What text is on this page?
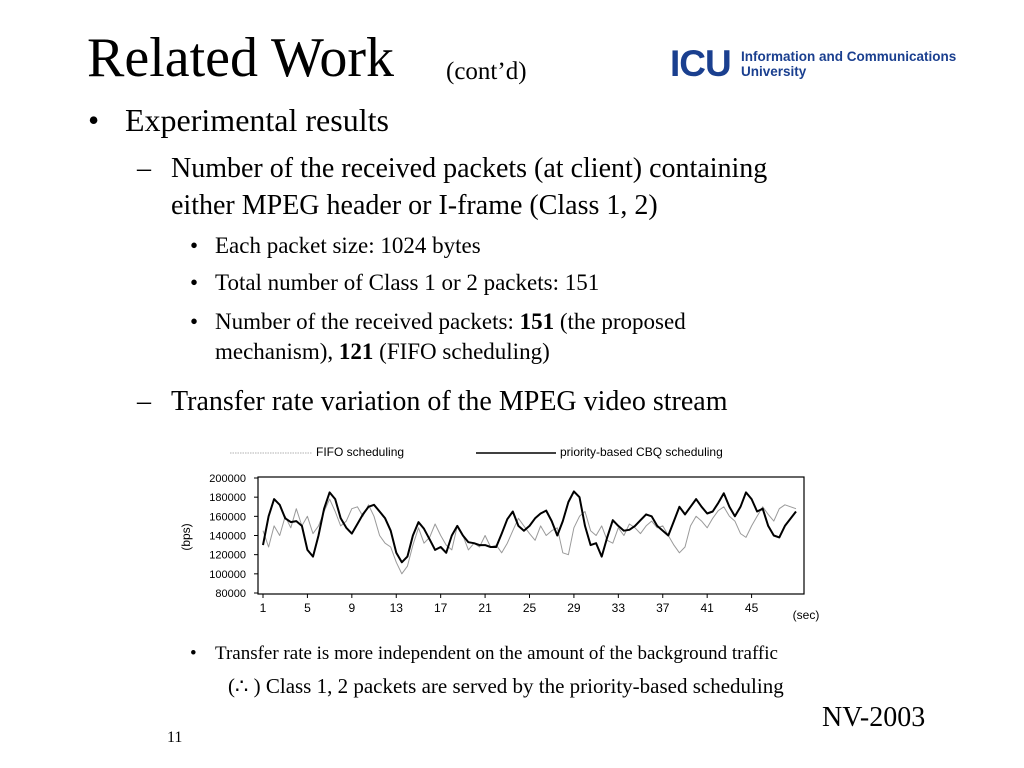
Related Work (cont’d)	ICU Information and Communications
University
• Experimental results
– Number of the received packets (at client) containing
either MPEG header or I-frame (Class 1, 2)
• Each packet size: 1024 bytes
• Total number of Class 1 or 2 packets: 151
• Number of the received packets: 151 (the proposed
mechanism), 121 (FIFO scheduling)
– Transfer rate variation of the MPEG video stream
FIFO scheduling	priority-based CBQ scheduling
200000
180000
160000
140000
120000
100000
80000
1	5	9	13	17	21	25	29	33	37	41	45
(bps)
(sec)
• Transfer rate is more independent on the amount of the background traffic
(∴ ) Class 1, 2 packets are served by the priority-based scheduling
NV-2003
11
